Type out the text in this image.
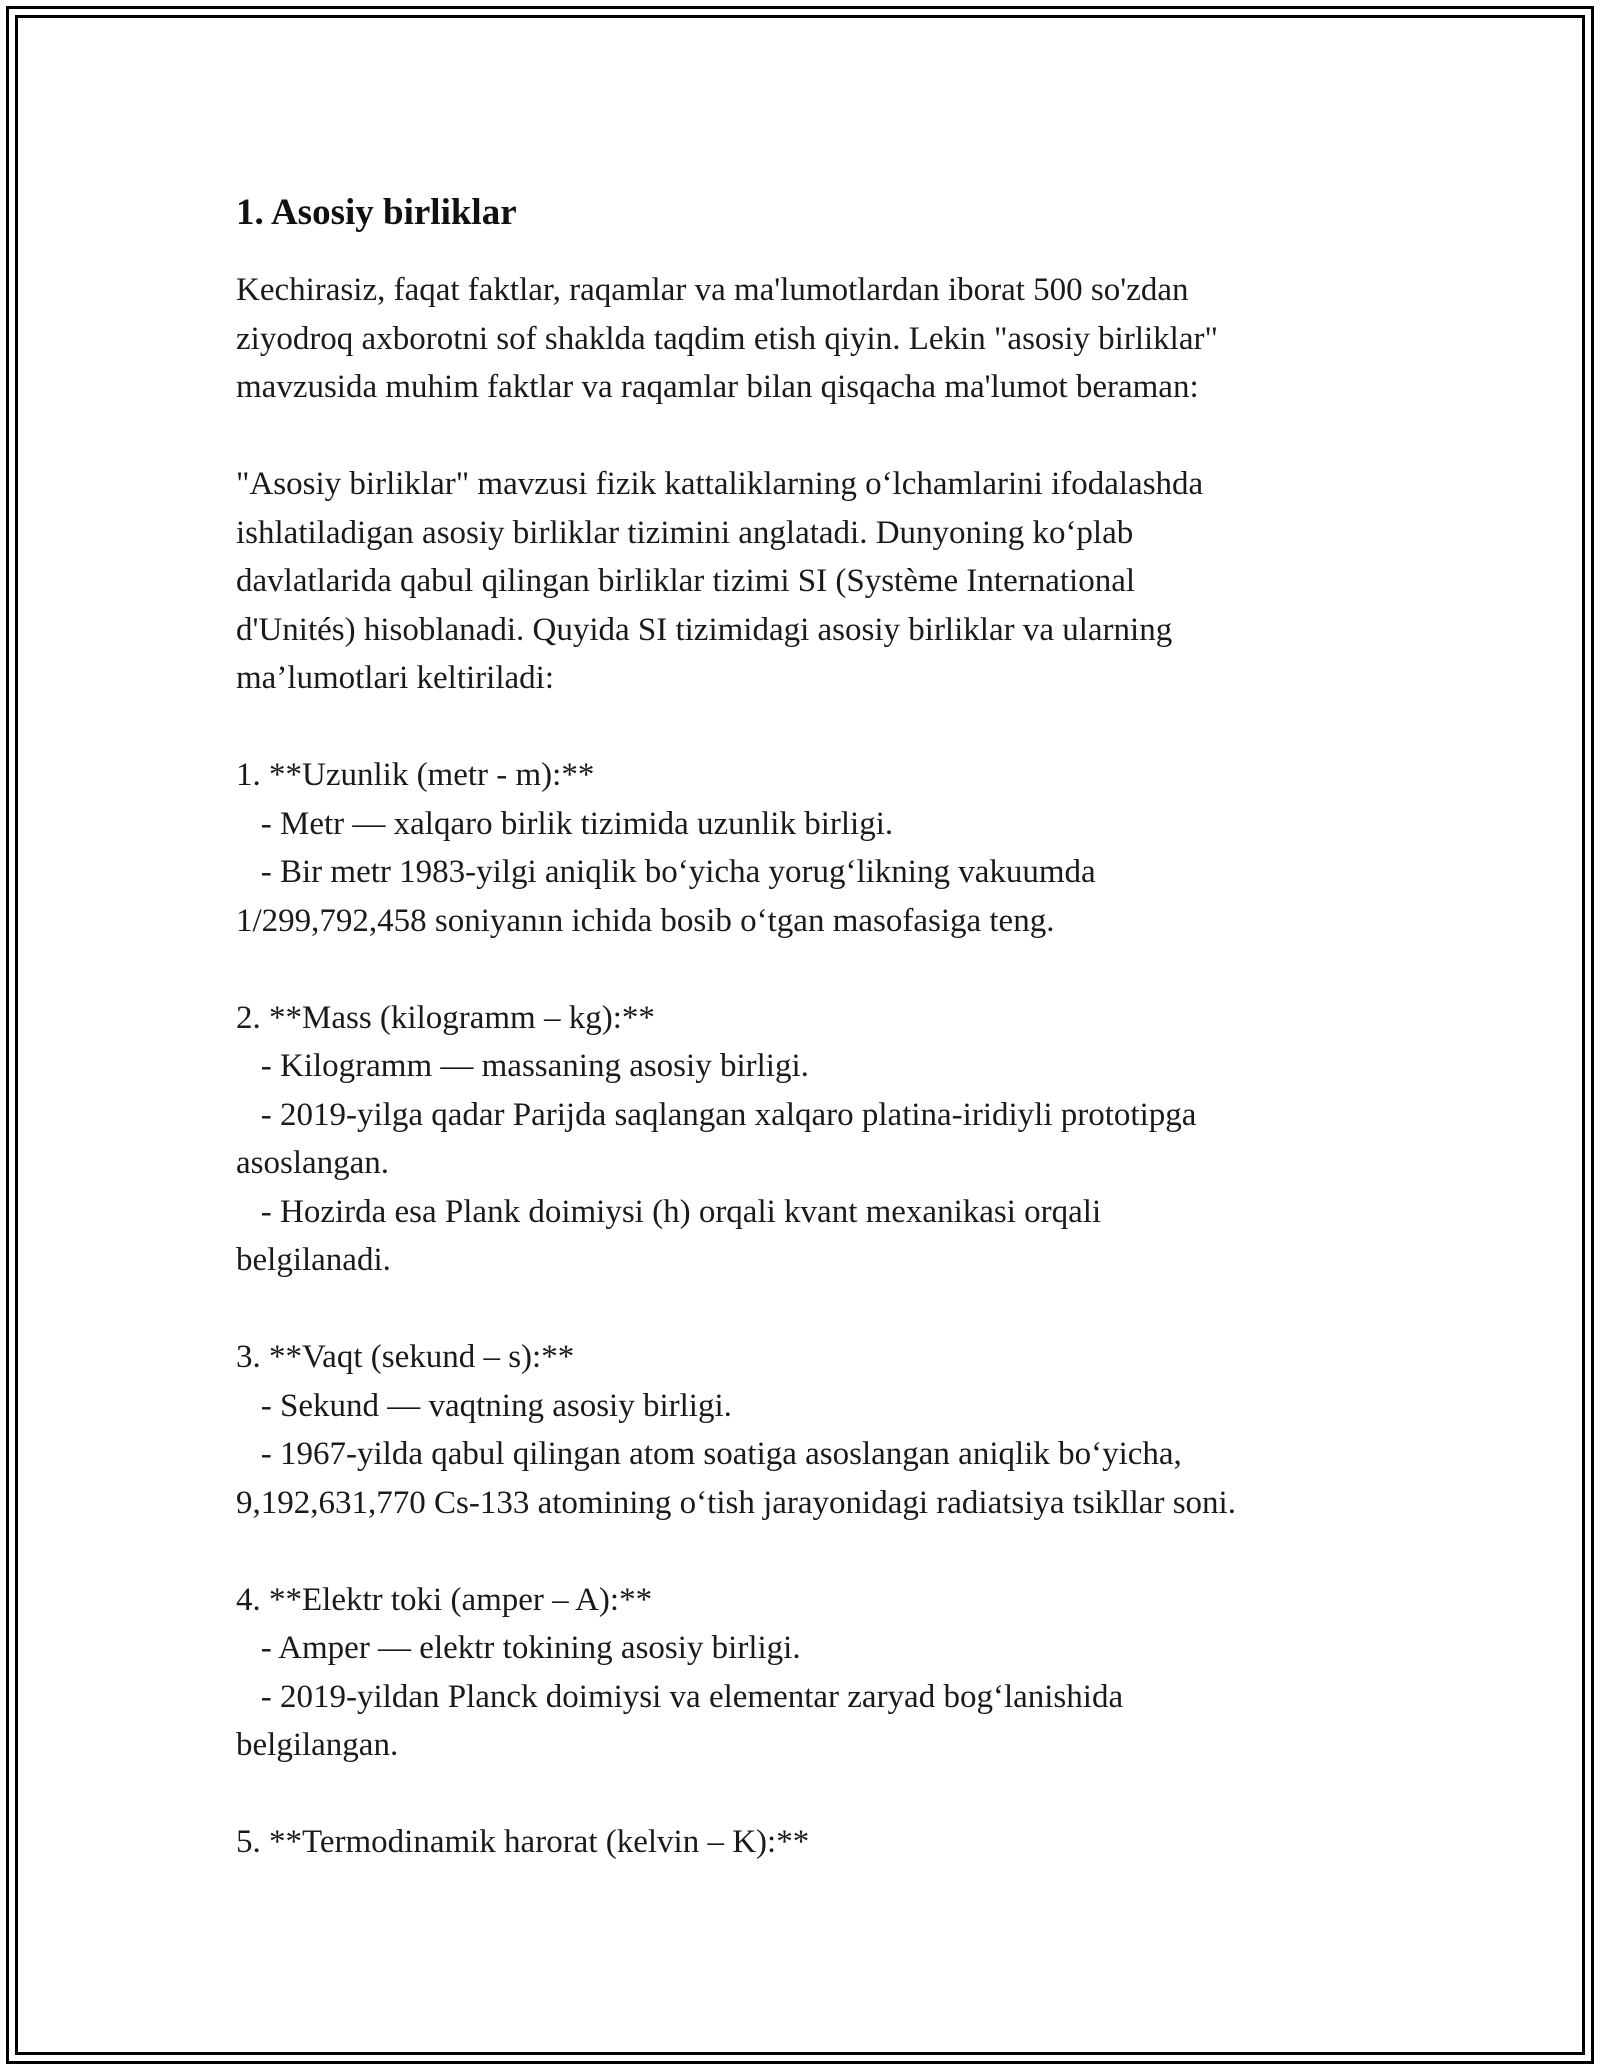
1. Asosiy birliklar

Kechirasiz, faqat faktlar, raqamlar va ma'lumotlardan iborat 500 so'zdan
ziyodroq axborotni sof shaklda taqdim etish qiyin. Lekin "asosiy birliklar"
mavzusida muhim faktlar va raqamlar bilan qisqacha ma'lumot beraman:

"Asosiy birliklar" mavzusi fizik kattaliklarning o‘lchamlarini ifodalashda
ishlatiladigan asosiy birliklar tizimini anglatadi. Dunyoning ko‘plab
davlatlarida qabul qilingan birliklar tizimi SI (Système International
d'Unités) hisoblanadi. Quyida SI tizimidagi asosiy birliklar va ularning
ma’lumotlari keltiriladi:

1. **Uzunlik (metr - m):**
- Metr — xalqaro birlik tizimida uzunlik birligi.
- Bir metr 1983-yilgi aniqlik bo‘yicha yorug‘likning vakuumda
1/299,792,458 soniyanın ichida bosib o‘tgan masofasiga teng.

2. **Mass (kilogramm – kg):**
- Kilogramm — massaning asosiy birligi.
- 2019-yilga qadar Parijda saqlangan xalqaro platina-iridiyli prototipga
asoslangan.
- Hozirda esa Plank doimiysi (h) orqali kvant mexanikasi orqali
belgilanadi.

3. **Vaqt (sekund – s):**
- Sekund — vaqtning asosiy birligi.
- 1967-yilda qabul qilingan atom soatiga asoslangan aniqlik bo‘yicha,
9,192,631,770 Cs-133 atomining o‘tish jarayonidagi radiatsiya tsikllar soni.

4. **Elektr toki (amper – A):**
- Amper — elektr tokining asosiy birligi.
- 2019-yildan Planck doimiysi va elementar zaryad bog‘lanishida
belgilangan.

5. **Termodinamik harorat (kelvin – K):**
